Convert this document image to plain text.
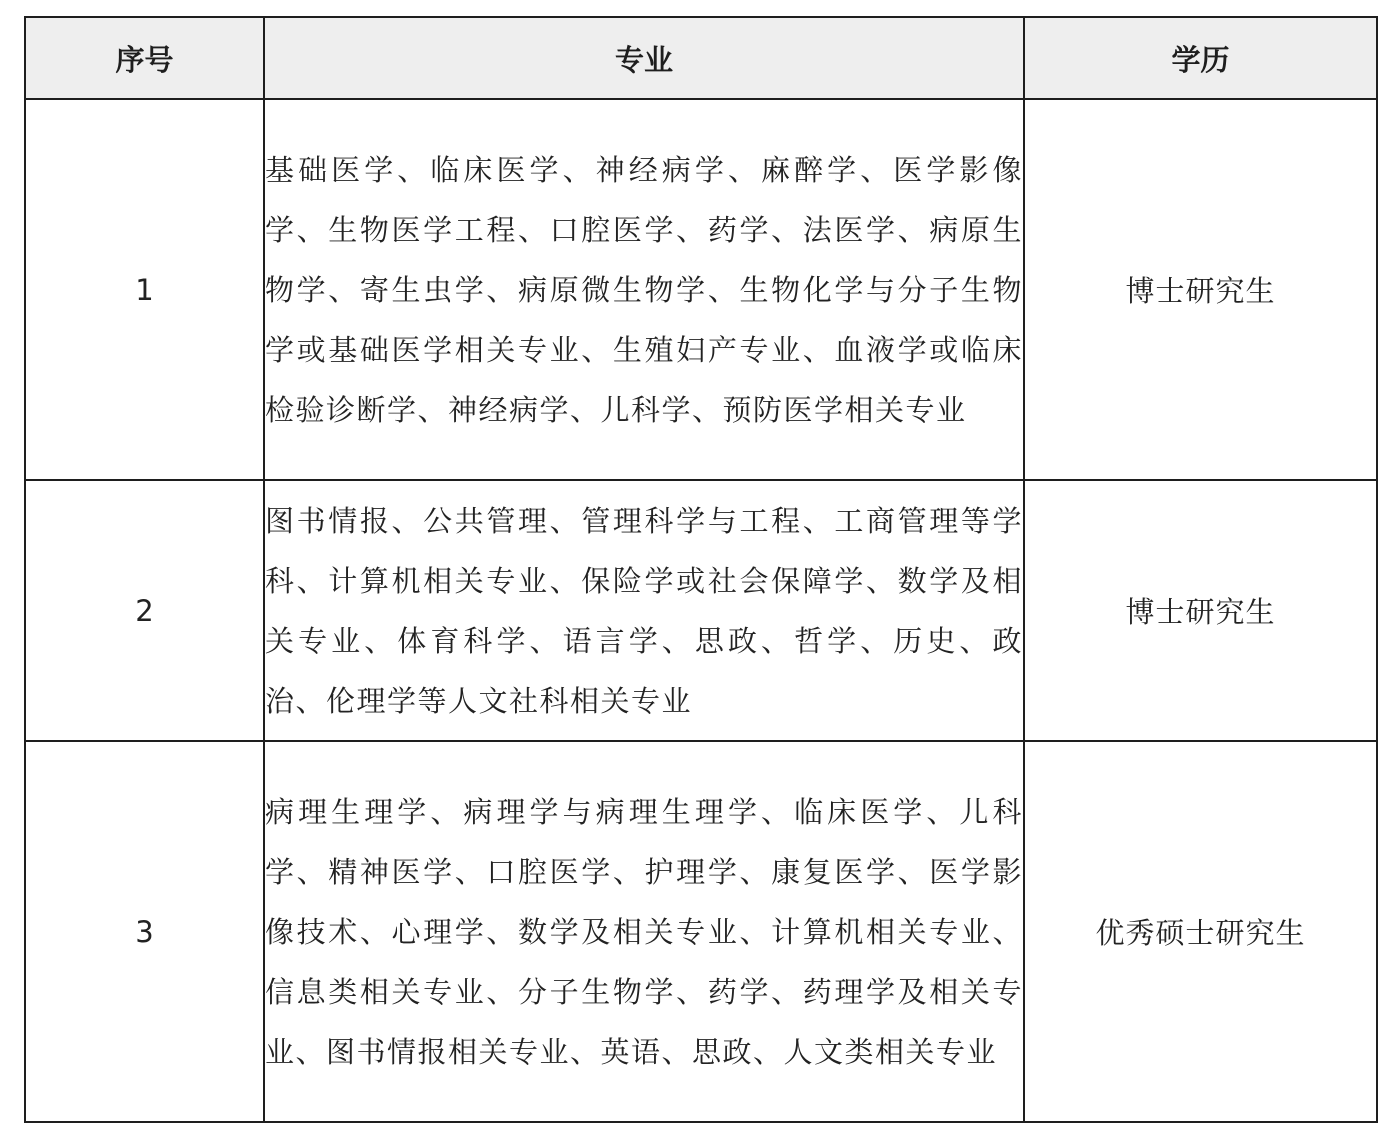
序号	专业	学历
1	基础医学、临床医学、神经病学、麻醉学、医学影像学、生物医学工程、口腔医学、药学、法医学、病原生物学、寄生虫学、病原微生物学、生物化学与分子生物学或基础医学相关专业、生殖妇产专业、血液学或临床检验诊断学、神经病学、儿科学、预防医学相关专业	博士研究生
2	图书情报、公共管理、管理科学与工程、工商管理等学科、计算机相关专业、保险学或社会保障学、数学及相关专业、体育科学、语言学、思政、哲学、历史、政治、伦理学等人文社科相关专业	博士研究生
3	病理生理学、病理学与病理生理学、临床医学、儿科学、精神医学、口腔医学、护理学、康复医学、医学影像技术、心理学、数学及相关专业、计算机相关专业、信息类相关专业、分子生物学、药学、药理学及相关专业、图书情报相关专业、英语、思政、人文类相关专业	优秀硕士研究生
